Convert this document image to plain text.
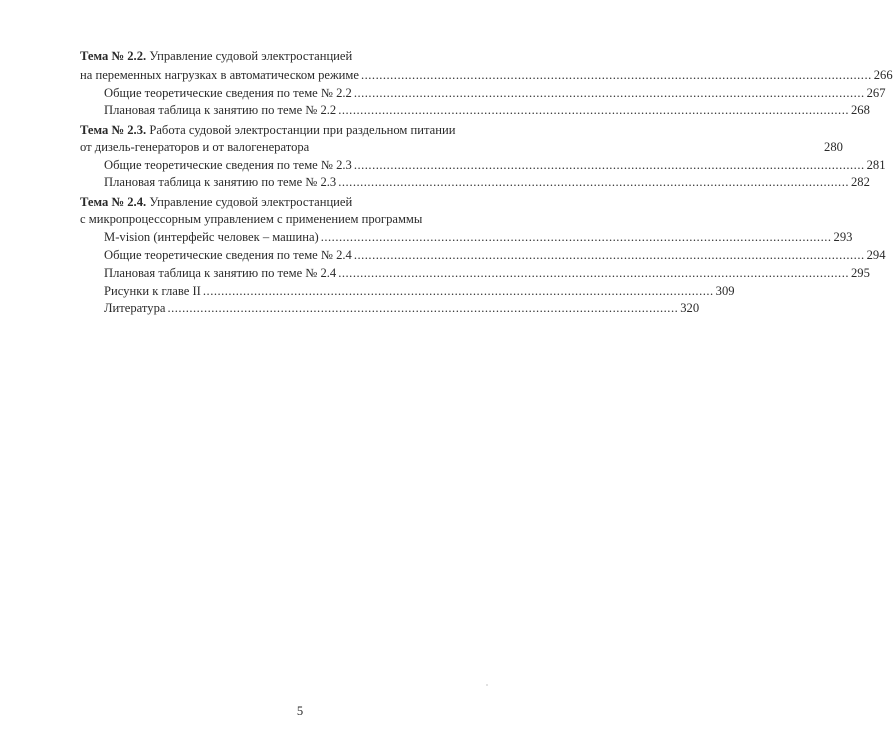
Тема № 2.2. Управление судовой электростанцией
на переменных нагрузках в автоматическом режиме ............................................................................................................................................ 266
Общие теоретические сведения по теме № 2.2 ............................................................................................................................................ 267
Плановая таблица к занятию по теме № 2.2 ............................................................................................................................................ 268
Тема № 2.3. Работа судовой электростанции при раздельном питании
от дизель-генераторов и от валогенератора	280
Общие теоретические сведения по теме № 2.3 ............................................................................................................................................ 281
Плановая таблица к занятию по теме № 2.3 ............................................................................................................................................ 282
Тема № 2.4. Управление судовой электростанцией
с микропроцессорным управлением с применением программы
M-vision (интерфейс человек – машина) ............................................................................................................................................ 293
Общие теоретические сведения по теме № 2.4 ............................................................................................................................................ 294
Плановая таблица к занятию по теме № 2.4 ............................................................................................................................................ 295
Рисунки к главе II ............................................................................................................................................ 309
Литература ............................................................................................................................................ 320
5
